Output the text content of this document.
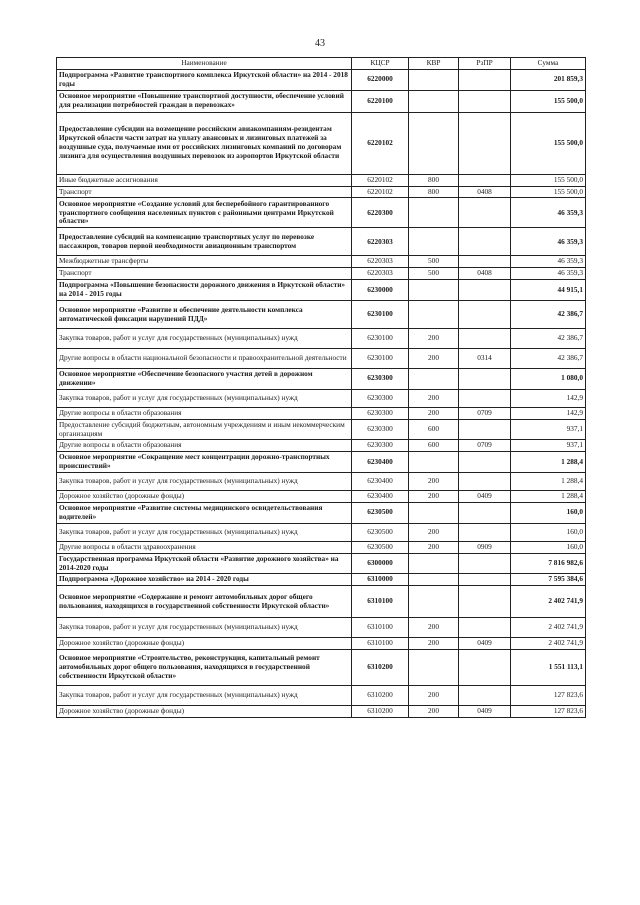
43
Наименование	КЦСР	КВР	РзПР	Сумма
Подпрограмма «Развитие транспортного комплекса Иркутской области» на 2014 - 2018 годы	6220000			201 859,3
Основное мероприятие «Повышение транспортной доступности, обеспечение условий для реализации потребностей граждан в перевозках»	6220100			155 500,0
Предоставление субсидии на возмещение российским авиакомпаниям-резидентам Иркутской области части затрат на уплату авансовых и лизинговых платежей за воздушные суда, получаемые ими от российских лизинговых компаний по договорам лизинга для осуществления воздушных перевозок из аэропортов Иркутской области	6220102			155 500,0
Иные бюджетные ассигнования	6220102	800		155 500,0
Транспорт	6220102	800	0408	155 500,0
Основное мероприятие «Создание условий для бесперебойного гарантированного транспортного сообщения населенных пунктов с районными центрами Иркутской области»	6220300			46 359,3
Предоставление субсидий на компенсацию транспортных услуг по перевозке пассажиров, товаров первой необходимости авиационным транспортом	6220303			46 359,3
Межбюджетные трансферты	6220303	500		46 359,3
Транспорт	6220303	500	0408	46 359,3
Подпрограмма «Повышение безопасности дорожного движения в Иркутской области» на 2014 - 2015 годы	6230000			44 915,1
Основное мероприятие «Развитие и обеспечение деятельности комплекса автоматической фиксации нарушений ПДД»	6230100			42 386,7
Закупка товаров, работ и услуг для государственных (муниципальных) нужд	6230100	200		42 386,7
Другие вопросы в области национальной безопасности и правоохранительной деятельности	6230100	200	0314	42 386,7
Основное мероприятие «Обеспечение безопасного участия детей в дорожном движении»	6230300			1 080,0
Закупка товаров, работ и услуг для государственных (муниципальных) нужд	6230300	200		142,9
Другие вопросы в области образования	6230300	200	0709	142,9
Предоставление субсидий бюджетным, автономным учреждениям и иным некоммерческим организациям	6230300	600		937,1
Другие вопросы в области образования	6230300	600	0709	937,1
Основное мероприятие «Сокращение мест концентрации дорожно-транспортных происшествий»	6230400			1 288,4
Закупка товаров, работ и услуг для государственных (муниципальных) нужд	6230400	200		1 288,4
Дорожное хозяйство (дорожные фонды)	6230400	200	0409	1 288,4
Основное мероприятие «Развитие системы медицинского освидетельствования водителей»	6230500			160,0
Закупка товаров, работ и услуг для государственных (муниципальных) нужд	6230500	200		160,0
Другие вопросы в области здравоохранения	6230500	200	0909	160,0
Государственная программа Иркутской области «Развитие дорожного хозяйства» на 2014-2020 годы	6300000			7 816 982,6
Подпрограмма «Дорожное хозяйство» на 2014 - 2020 годы	6310000			7 595 384,6
Основное мероприятие «Содержание и ремонт автомобильных дорог общего пользования, находящихся в государственной собственности Иркутской области»	6310100			2 402 741,9
Закупка товаров, работ и услуг для государственных (муниципальных) нужд	6310100	200		2 402 741,9
Дорожное хозяйство (дорожные фонды)	6310100	200	0409	2 402 741,9
Основное мероприятие «Строительство, реконструкция, капитальный ремонт автомобильных дорог общего пользования, находящихся в государственной собственности Иркутской области»	6310200			1 551 113,1
Закупка товаров, работ и услуг для государственных (муниципальных) нужд	6310200	200		127 823,6
Дорожное хозяйство (дорожные фонды)	6310200	200	0409	127 823,6
